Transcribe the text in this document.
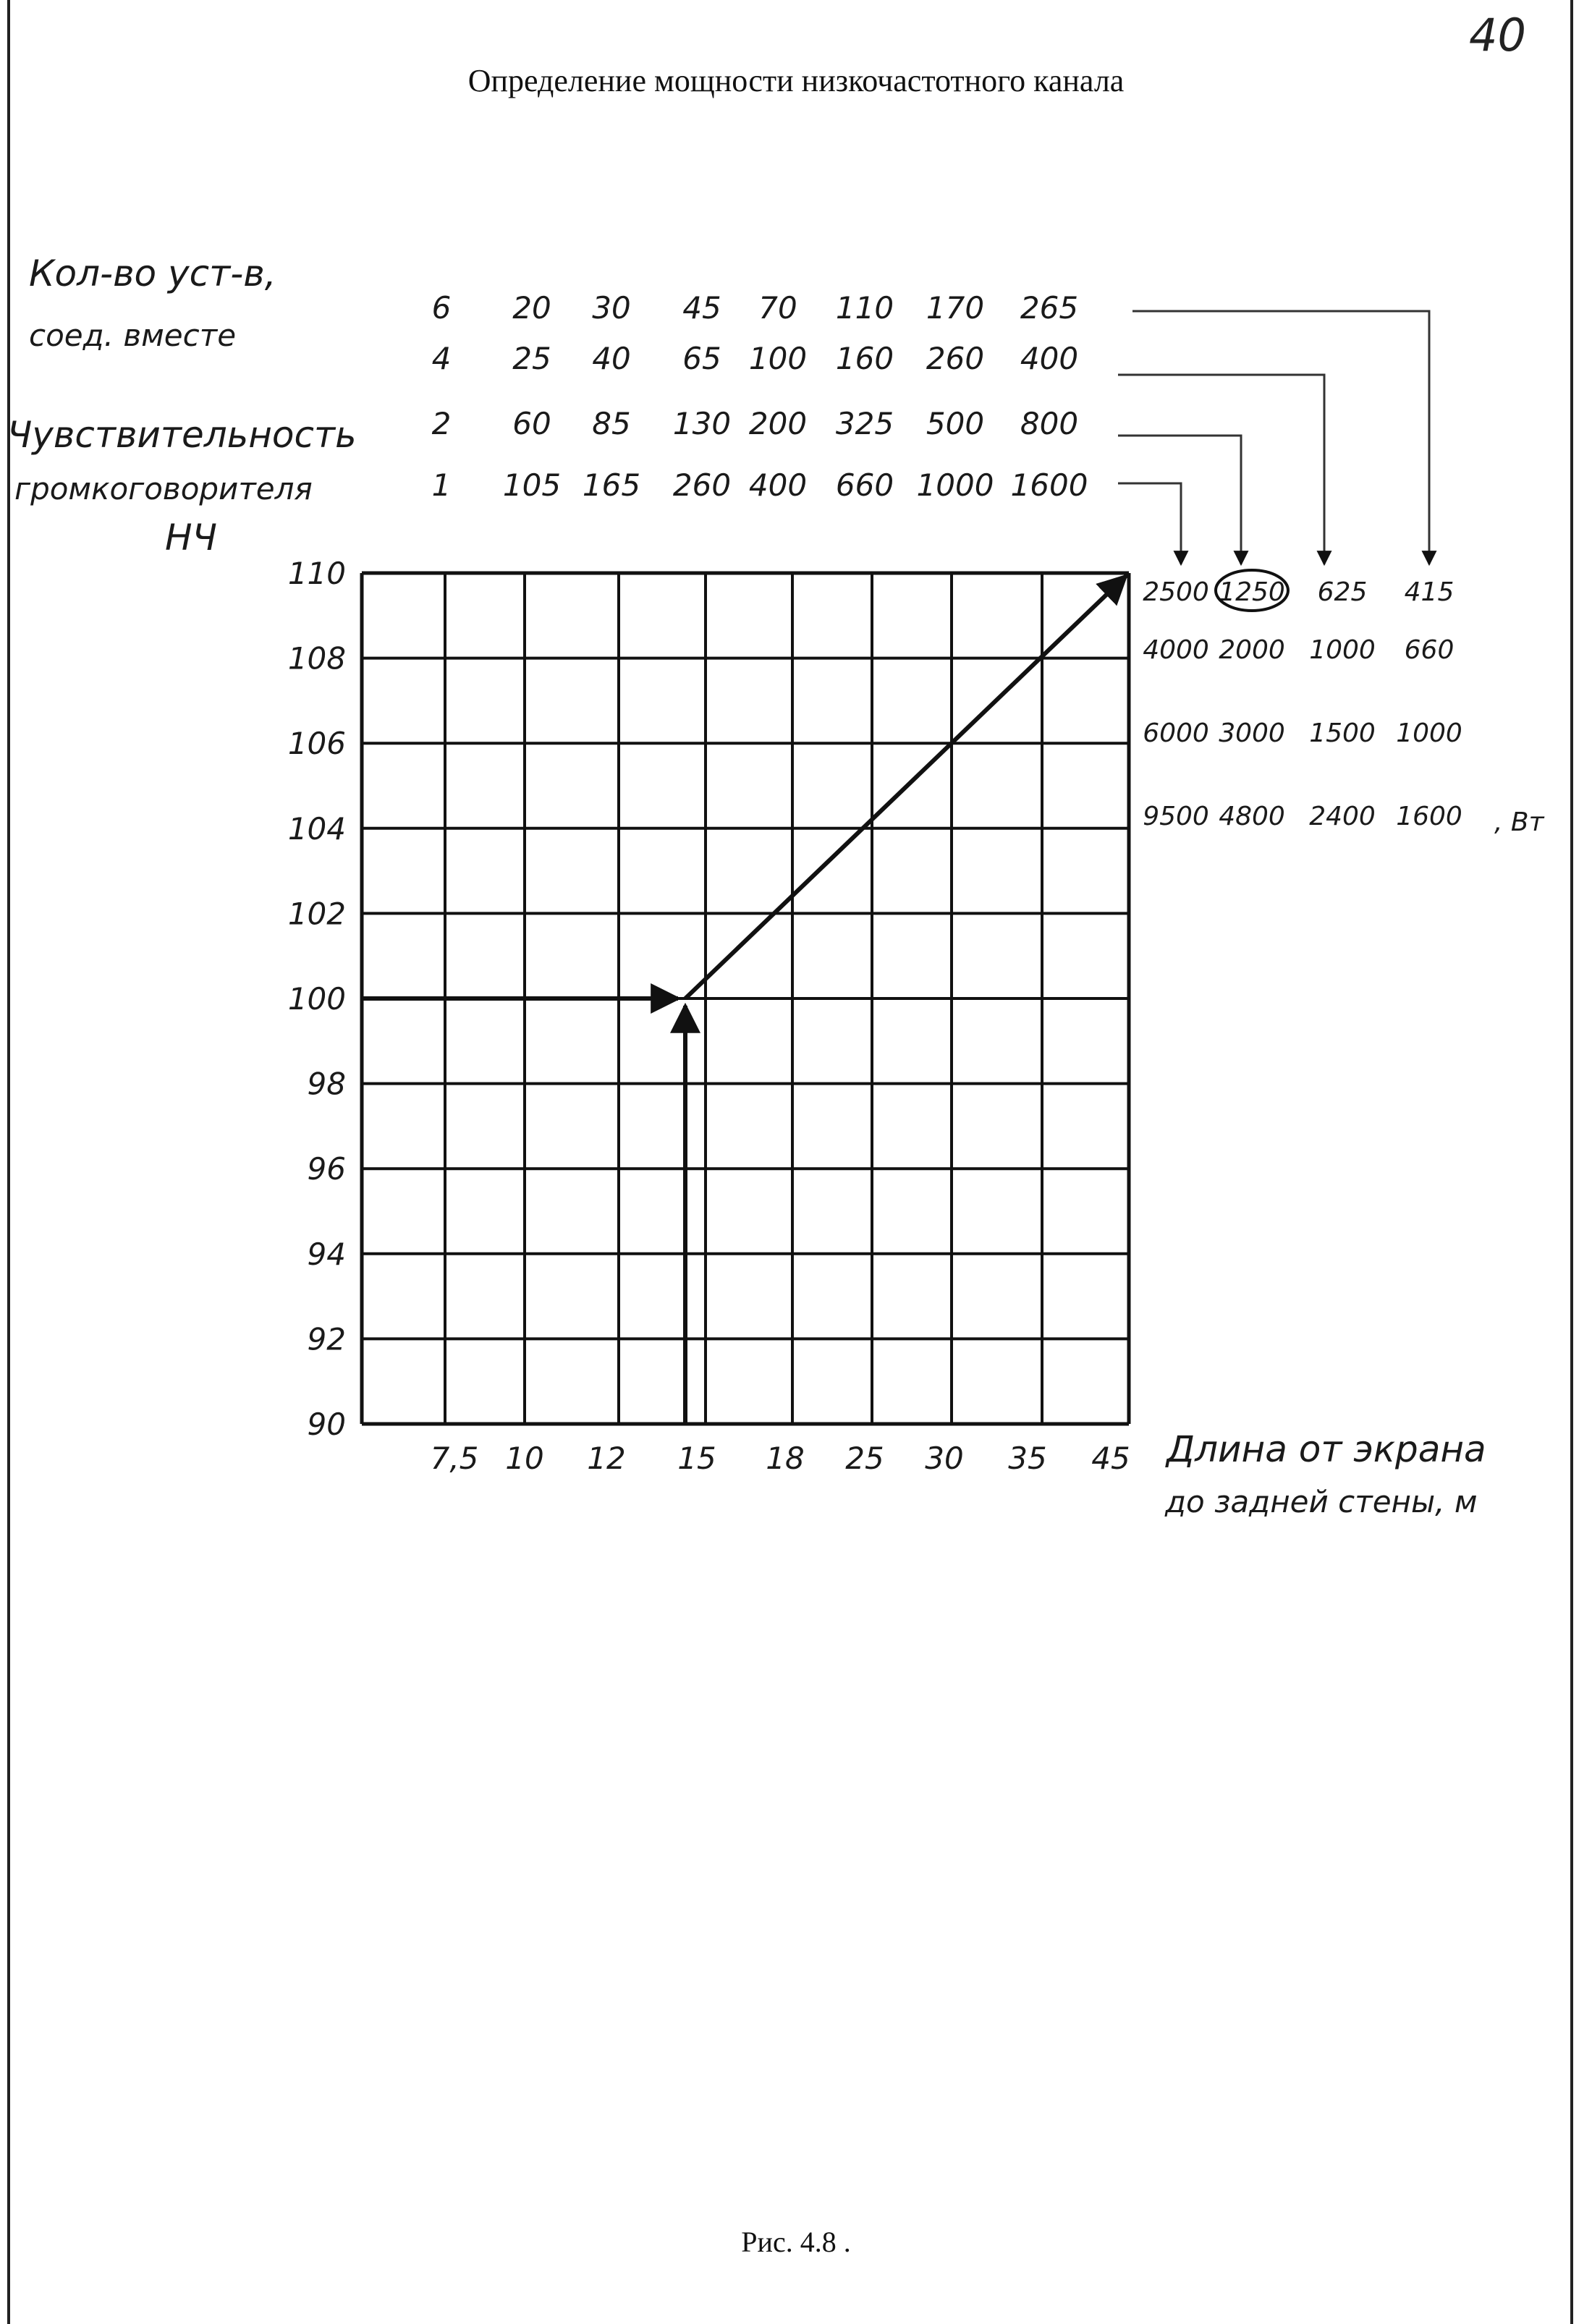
Кол-во уст-в,
соед. вместе
Чувствительность
громкоговорителя
НЧ
6 20 30 45 70 110 170 265
4 25 40 65 100 160 260 400
2 60 85 130 200 325 500 800
1 105 165 260 400 660 1000 1600
2500 1250 625 415
4000 2000 1000 660
6000 3000 1500 1000
9500 4800 2400 1600 , Вт
90
92
94
96
98
100
102
104
106
108
110
7,5 10 12 15 18 25 30 35 45 Длина от экрана
до задней стены, м
Определение мощности низкочастотного канала

40

Рис. 4.8 .
